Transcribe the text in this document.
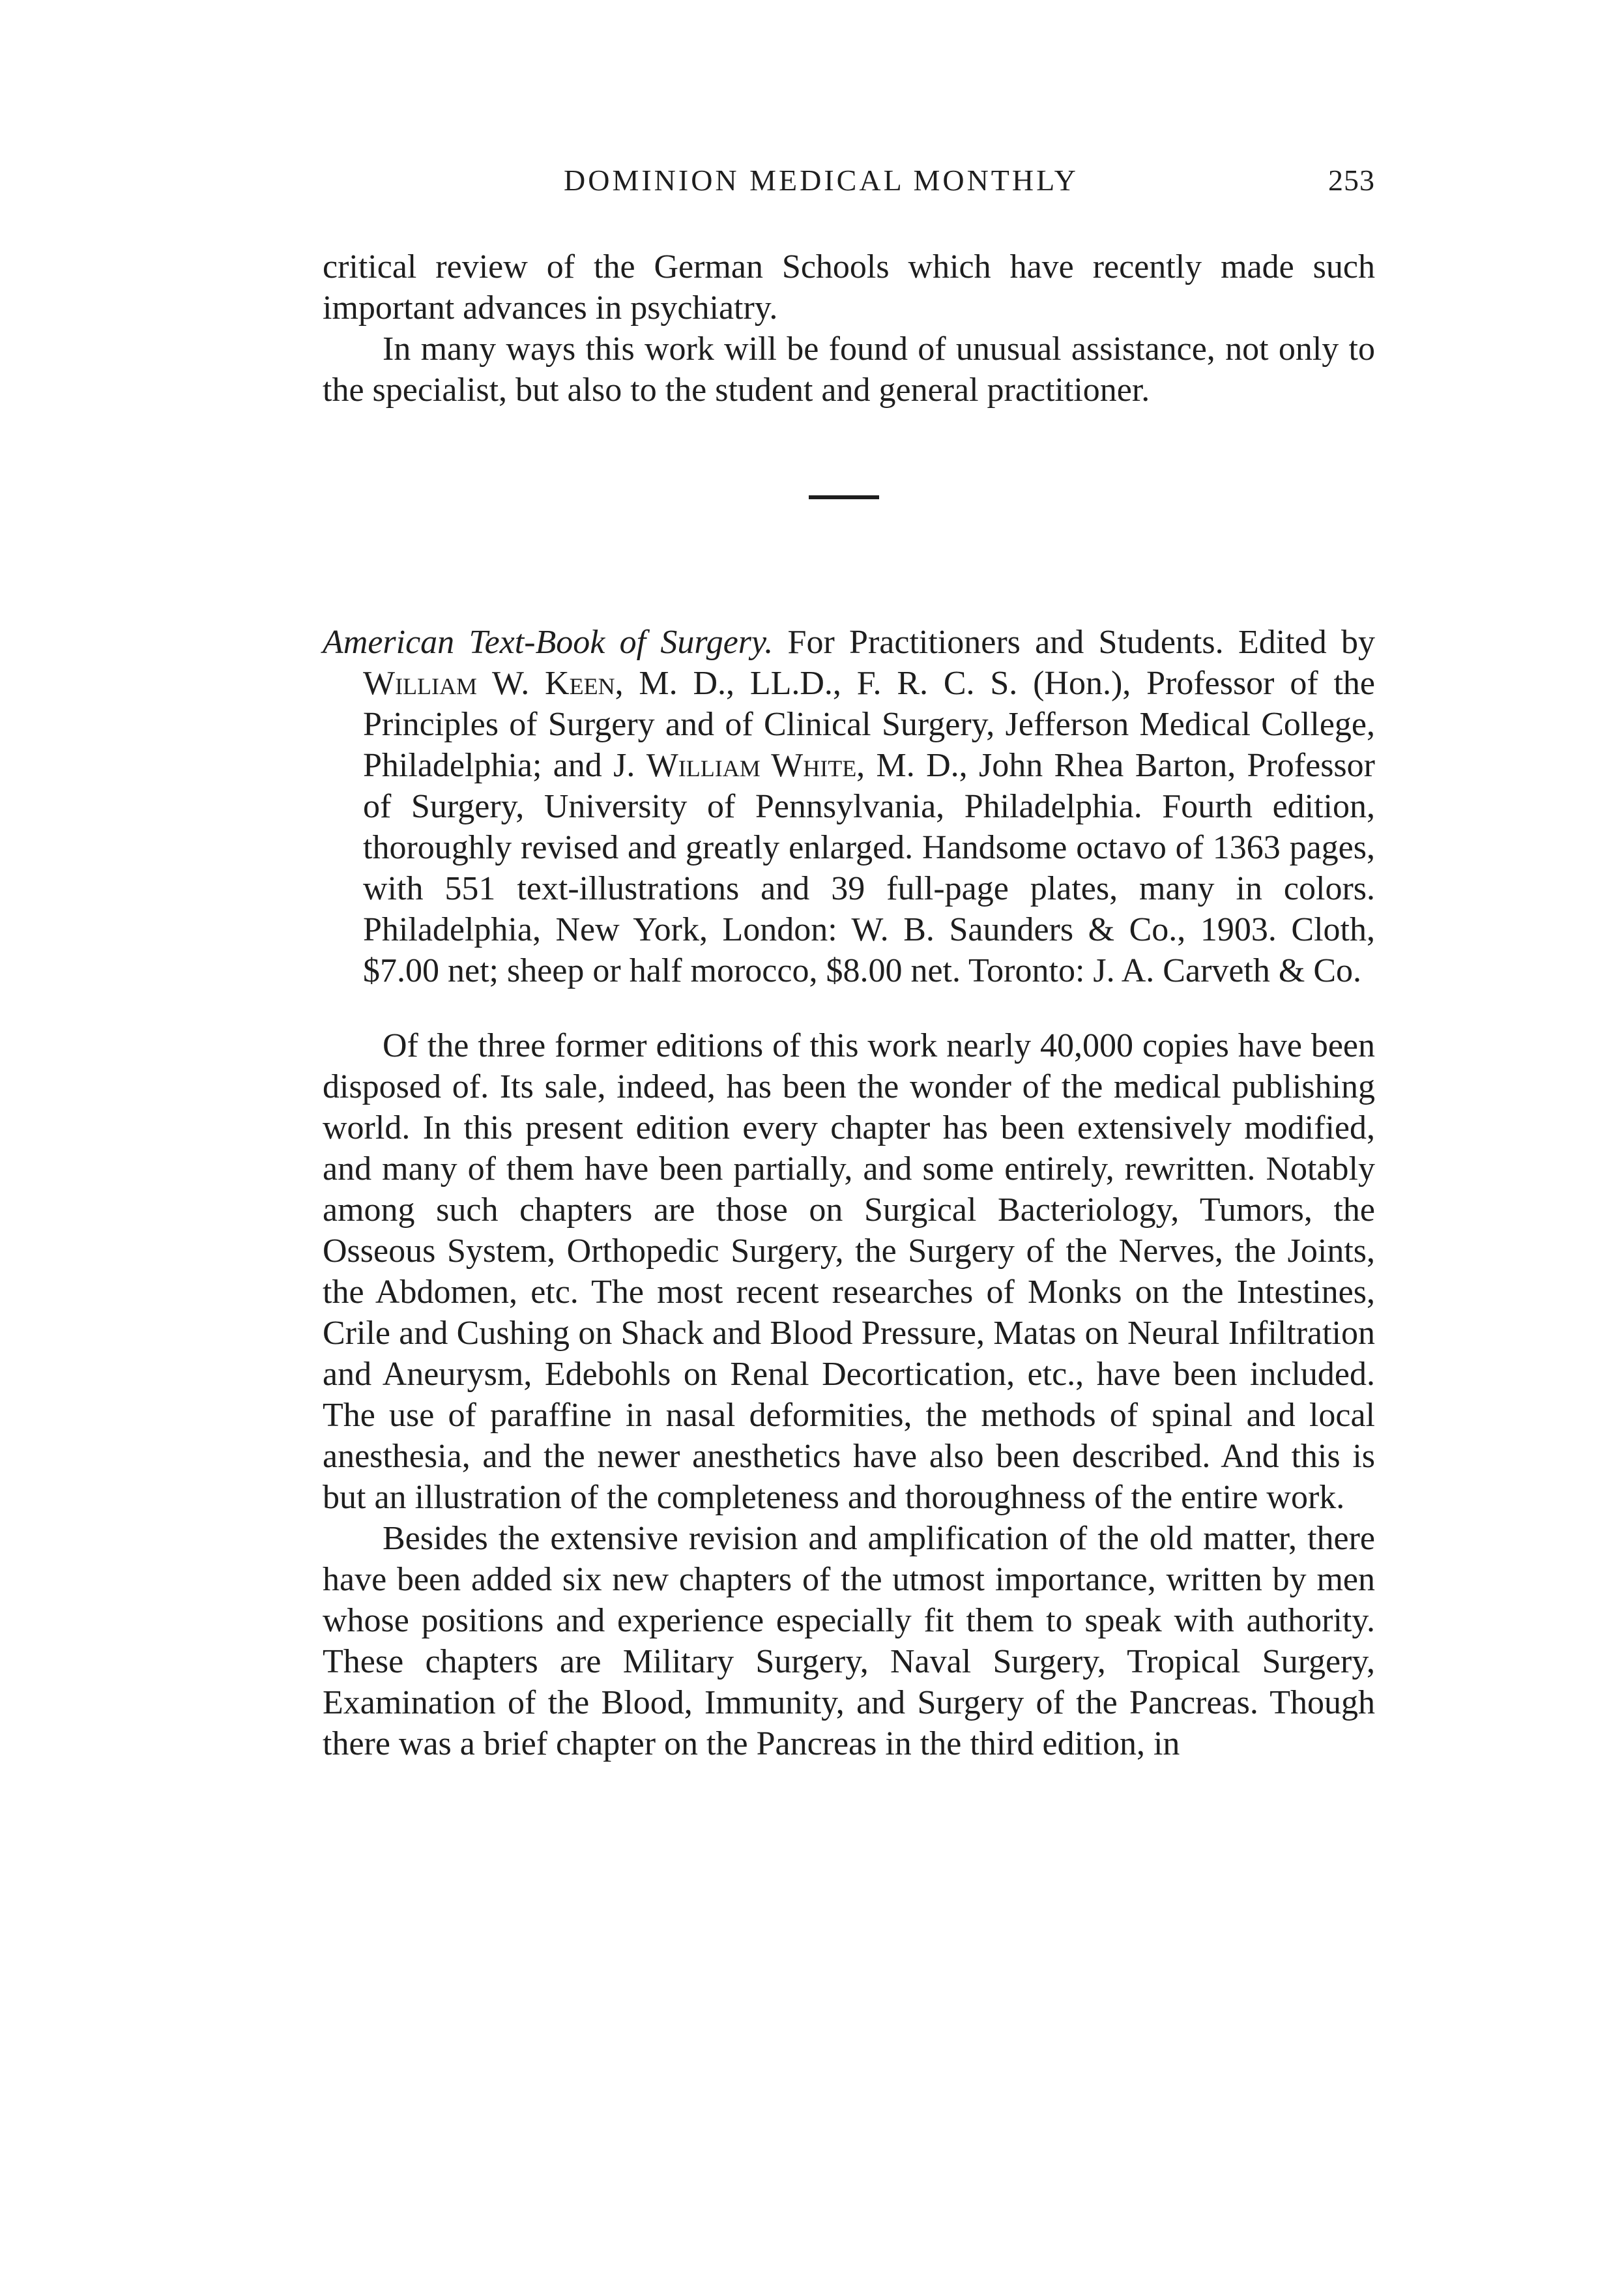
DOMINION MEDICAL MONTHLY	253

critical review of the German Schools which have recently made such important advances in psychiatry.

In many ways this work will be found of unusual assistance, not only to the specialist, but also to the student and general practitioner.

American Text-Book of Surgery. For Practitioners and Students. Edited by William W. Keen, M. D., LL.D., F. R. C. S. (Hon.), Professor of the Principles of Surgery and of Clinical Surgery, Jefferson Medical College, Philadelphia; and J. William White, M. D., John Rhea Barton, Professor of Surgery, University of Pennsylvania, Philadelphia. Fourth edition, thoroughly revised and greatly enlarged. Handsome octavo of 1363 pages, with 551 text-illustrations and 39 full-page plates, many in colors. Philadelphia, New York, London: W. B. Saunders & Co., 1903. Cloth, $7.00 net; sheep or half morocco, $8.00 net. Toronto: J. A. Carveth & Co.

Of the three former editions of this work nearly 40,000 copies have been disposed of. Its sale, indeed, has been the wonder of the medical publishing world. In this present edition every chapter has been extensively modified, and many of them have been partially, and some entirely, rewritten. Notably among such chapters are those on Surgical Bacteriology, Tumors, the Osseous System, Orthopedic Surgery, the Surgery of the Nerves, the Joints, the Abdomen, etc. The most recent researches of Monks on the Intestines, Crile and Cushing on Shack and Blood Pressure, Matas on Neural Infiltration and Aneurysm, Edebohls on Renal Decortication, etc., have been included. The use of paraffine in nasal deformities, the methods of spinal and local anesthesia, and the newer anesthetics have also been described. And this is but an illustration of the completeness and thoroughness of the entire work.

Besides the extensive revision and amplification of the old matter, there have been added six new chapters of the utmost importance, written by men whose positions and experience especially fit them to speak with authority. These chapters are Military Surgery, Naval Surgery, Tropical Surgery, Examination of the Blood, Immunity, and Surgery of the Pancreas. Though there was a brief chapter on the Pancreas in the third edition, in
